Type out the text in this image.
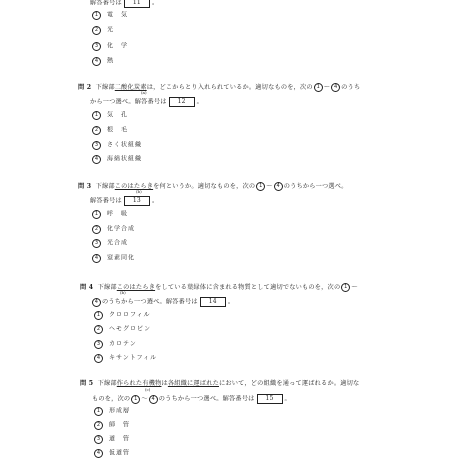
解答番号は 11 。
1 電　気
2 光
3 化　学
4 熱
問 2 下線部二酸化炭素は，どこからとり入れられているか。適切なものを，次の 1 ～ 4 のうち
(a)
から一つ選べ。解答番号は 12 。
1 気　孔
2 根　毛
3 さく状組織
4 海綿状組織
問 3 下線部このはたらきを何というか。適切なものを，次の 1 ～ 4 のうちから一つ選べ。
(b)
解答番号は 13 。
1 呼　吸
2 化学合成
3 光合成
4 窒素同化
問 4 下線部このはたらきをしている葉緑体に含まれる物質として適切でないものを，次の 1 ～
(b)
4 のうちから一つ選べ。解答番号は 14 。
1 クロロフィル
2 ヘモグロビン
3 カロテン
4 キサントフィル
問 5 下線部作られた有機物は各組織に運ばれたにおいて，どの組織を通って運ばれるか。適切な
(c)
ものを，次の 1 ～ 4 のうちから一つ選べ。解答番号は 15 。
1 形成層
2 師　管
3 道　管
4 仮道管
